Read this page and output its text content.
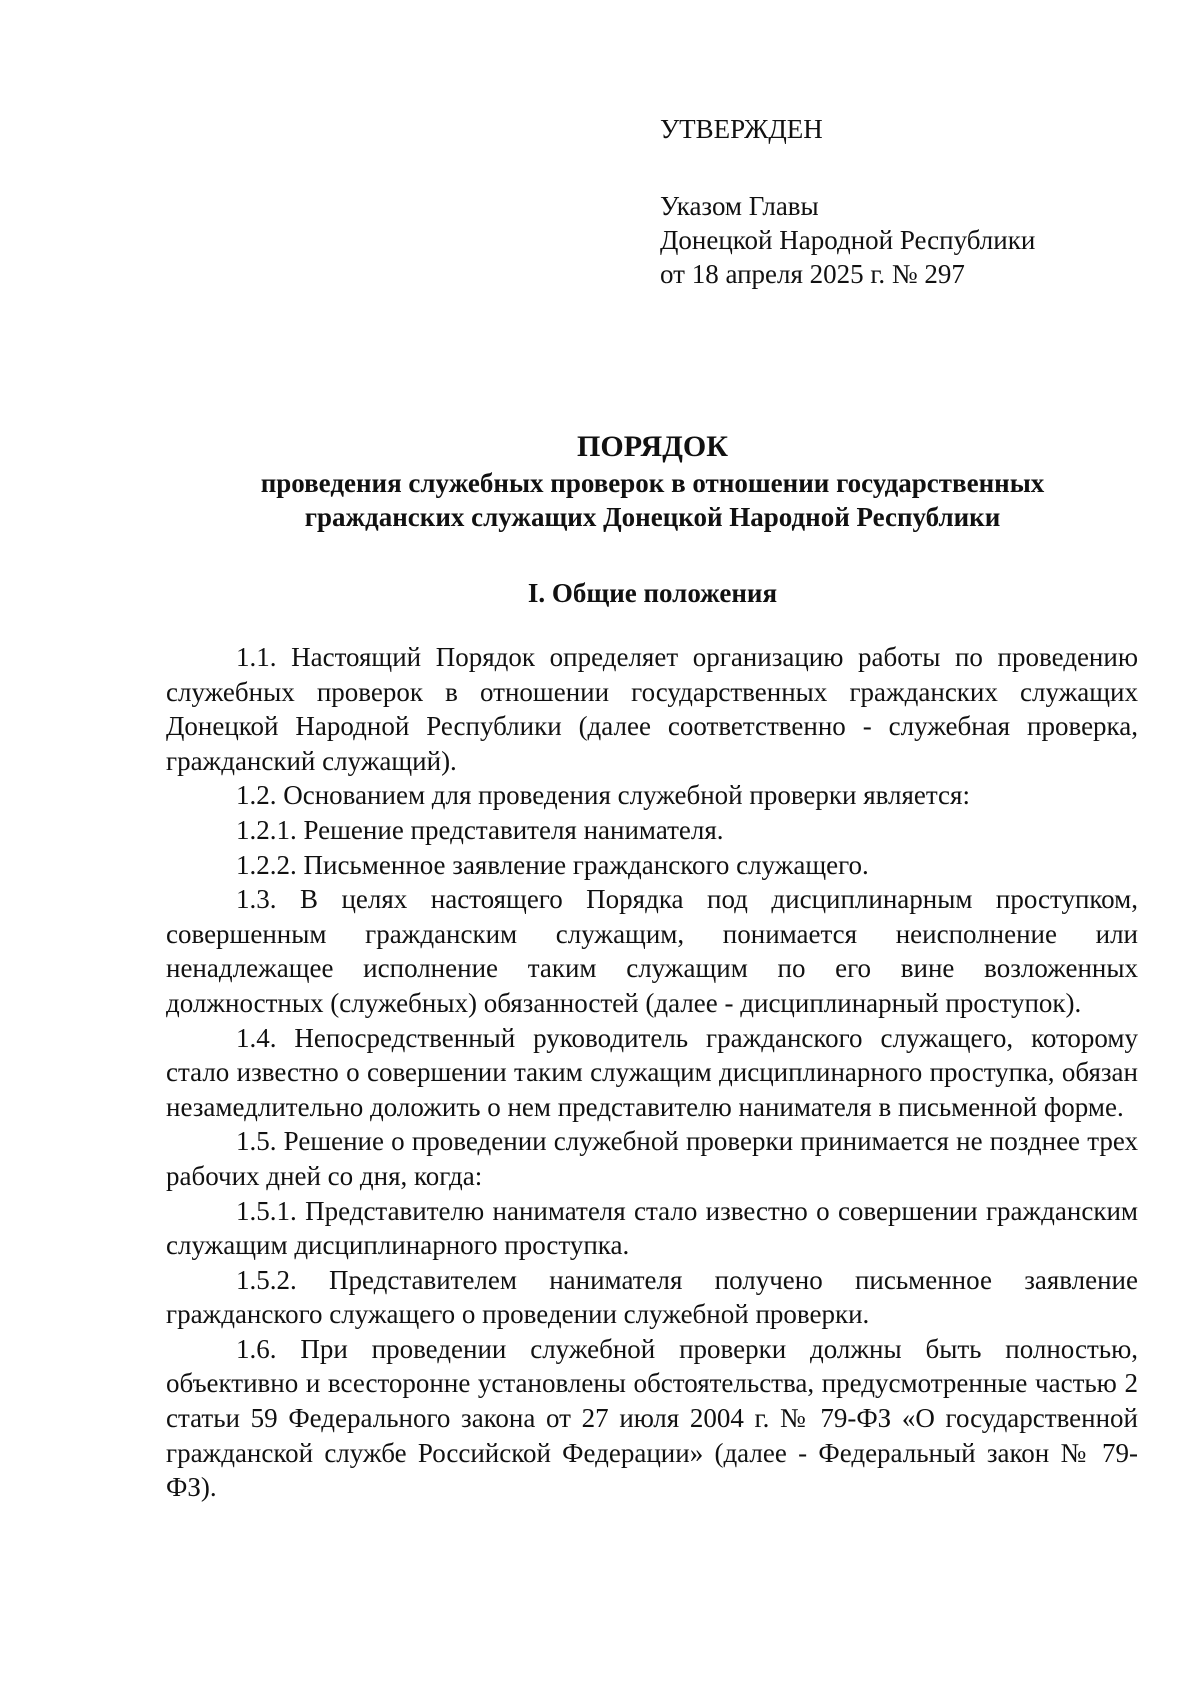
УТВЕРЖДЕН
Указом Главы
Донецкой Народной Республики
от 18 апреля 2025 г. № 297
ПОРЯДОК
проведения служебных проверок в отношении государственных
гражданских служащих Донецкой Народной Республики
I. Общие положения

1.1. Настоящий Порядок определяет организацию работы по проведению служебных проверок в отношении государственных гражданских служащих Донецкой Народной Республики (далее соответственно - служебная проверка, гражданский служащий).

1.2. Основанием для проведения служебной проверки является:

1.2.1. Решение представителя нанимателя.

1.2.2. Письменное заявление гражданского служащего.

1.3. В целях настоящего Порядка под дисциплинарным проступком, совершенным гражданским служащим, понимается неисполнение или ненадлежащее исполнение таким служащим по его вине возложенных должностных (служебных) обязанностей (далее - дисциплинарный проступок).

1.4. Непосредственный руководитель гражданского служащего, которому стало известно о совершении таким служащим дисциплинарного проступка, обязан незамедлительно доложить о нем представителю нанимателя в письменной форме.

1.5. Решение о проведении служебной проверки принимается не позднее трех рабочих дней со дня, когда:

1.5.1. Представителю нанимателя стало известно о совершении гражданским служащим дисциплинарного проступка.

1.5.2. Представителем нанимателя получено письменное заявление гражданского служащего о проведении служебной проверки.

1.6. При проведении служебной проверки должны быть полностью, объективно и всесторонне установлены обстоятельства, предусмотренные частью 2 статьи 59 Федерального закона от 27 июля 2004 г. № 79-ФЗ «О государственной гражданской службе Российской Федерации» (далее - Федеральный закон № 79-ФЗ).
